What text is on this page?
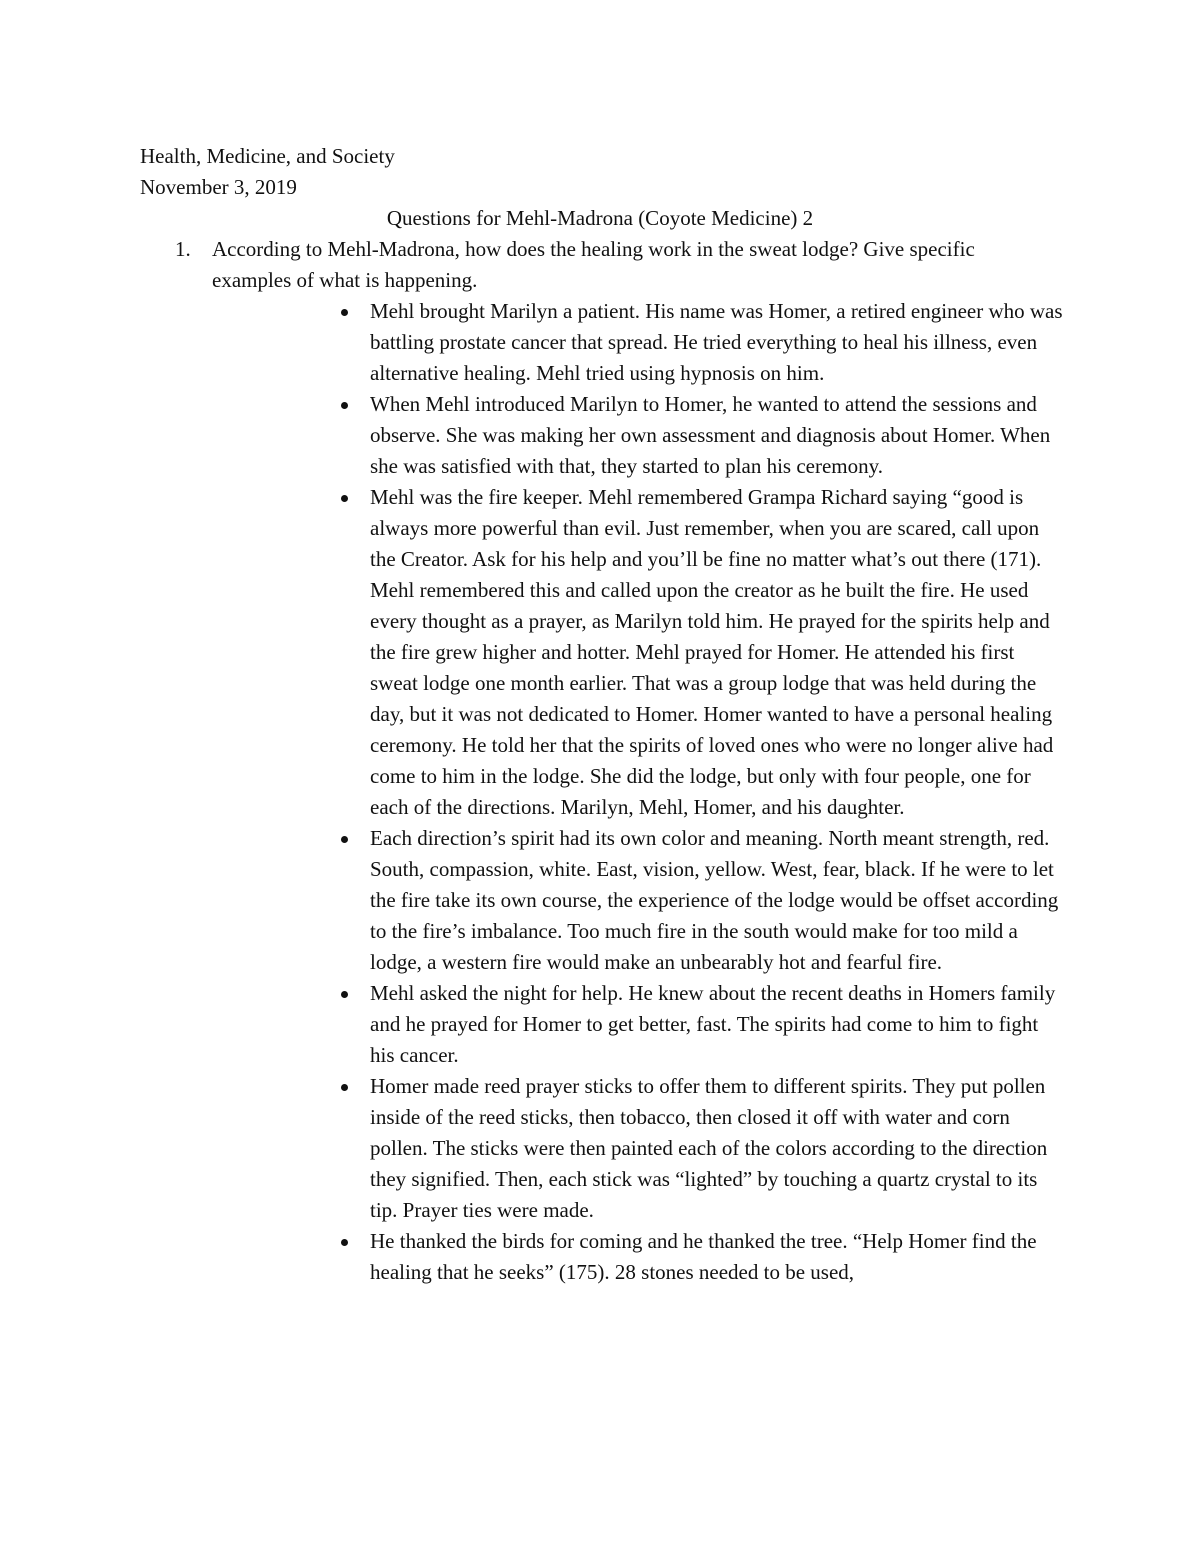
Health, Medicine, and Society

November 3, 2019

Questions for Mehl-Madrona (Coyote Medicine) 2
1. According to Mehl-Madrona, how does the healing work in the sweat lodge? Give specific examples of what is happening.
Mehl brought Marilyn a patient. His name was Homer, a retired engineer who was battling prostate cancer that spread. He tried everything to heal his illness, even alternative healing. Mehl tried using hypnosis on him.
When Mehl introduced Marilyn to Homer, he wanted to attend the sessions and observe. She was making her own assessment and diagnosis about Homer. When she was satisfied with that, they started to plan his ceremony.
Mehl was the fire keeper. Mehl remembered Grampa Richard saying “good is always more powerful than evil. Just remember, when you are scared, call upon the Creator. Ask for his help and you’ll be fine no matter what’s out there (171). Mehl remembered this and called upon the creator as he built the fire. He used every thought as a prayer, as Marilyn told him. He prayed for the spirits help and the fire grew higher and hotter. Mehl prayed for Homer. He attended his first sweat lodge one month earlier. That was a group lodge that was held during the day, but it was not dedicated to Homer. Homer wanted to have a personal healing ceremony. He told her that the spirits of loved ones who were no longer alive had come to him in the lodge. She did the lodge, but only with four people, one for each of the directions. Marilyn, Mehl, Homer, and his daughter.
Each direction’s spirit had its own color and meaning. North meant strength, red. South, compassion, white. East, vision, yellow. West, fear, black. If he were to let the fire take its own course, the experience of the lodge would be offset according to the fire’s imbalance. Too much fire in the south would make for too mild a lodge, a western fire would make an unbearably hot and fearful fire.
Mehl asked the night for help. He knew about the recent deaths in Homers family and he prayed for Homer to get better, fast. The spirits had come to him to fight his cancer.
Homer made reed prayer sticks to offer them to different spirits. They put pollen inside of the reed sticks, then tobacco, then closed it off with water and corn pollen. The sticks were then painted each of the colors according to the direction they signified. Then, each stick was “lighted” by touching a quartz crystal to its tip. Prayer ties were made.
He thanked the birds for coming and he thanked the tree. “Help Homer find the healing that he seeks” (175). 28 stones needed to be used,
